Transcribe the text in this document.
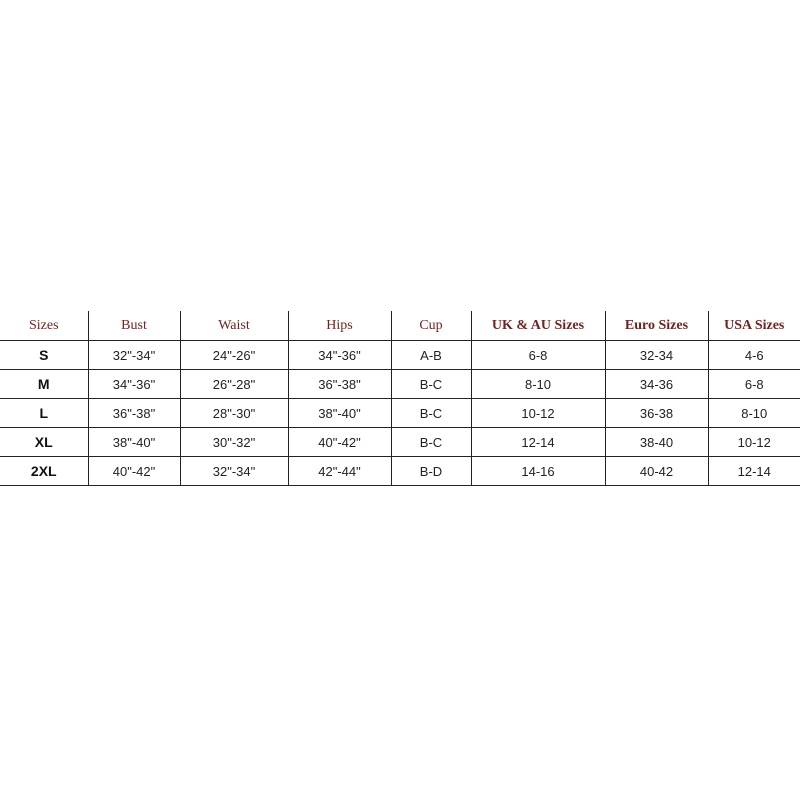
Sizes	Bust	Waist	Hips	Cup	UK & AU Sizes	Euro Sizes	USA Sizes
S	32"-34"	24"-26"	34"-36"	A-B	6-8	32-34	4-6
M	34"-36"	26"-28"	36"-38"	B-C	8-10	34-36	6-8
L	36"-38"	28"-30"	38"-40"	B-C	10-12	36-38	8-10
XL	38"-40"	30"-32"	40"-42"	B-C	12-14	38-40	10-12
2XL	40"-42"	32"-34"	42"-44"	B-D	14-16	40-42	12-14
